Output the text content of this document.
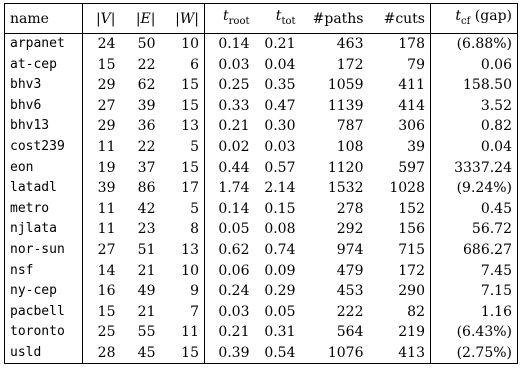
name	|V|	|E|	|W|	$t_{root}$	$t_{tot}$	#paths	#cuts	$t_{cf}$ (gap)
arpanet	24	50	10	0.14	0.21	463	178	(6.88%)
at-cep	15	22	6	0.03	0.04	172	79	0.06
bhv3	29	62	15	0.25	0.35	1059	411	158.50
bhv6	27	39	15	0.33	0.47	1139	414	3.52
bhv13	29	36	13	0.21	0.30	787	306	0.82
cost239	11	22	5	0.02	0.03	108	39	0.04
eon	19	37	15	0.44	0.57	1120	597	3337.24
latadl	39	86	17	1.74	2.14	1532	1028	(9.24%)
metro	11	42	5	0.14	0.15	278	152	0.45
njlata	11	23	8	0.05	0.08	292	156	56.72
nor-sun	27	51	13	0.62	0.74	974	715	686.27
nsf	14	21	10	0.06	0.09	479	172	7.45
ny-cep	16	49	9	0.24	0.29	453	290	7.15
pacbell	15	21	7	0.03	0.05	222	82	1.16
toronto	25	55	11	0.21	0.31	564	219	(6.43%)
usld	28	45	15	0.39	0.54	1076	413	(2.75%)
